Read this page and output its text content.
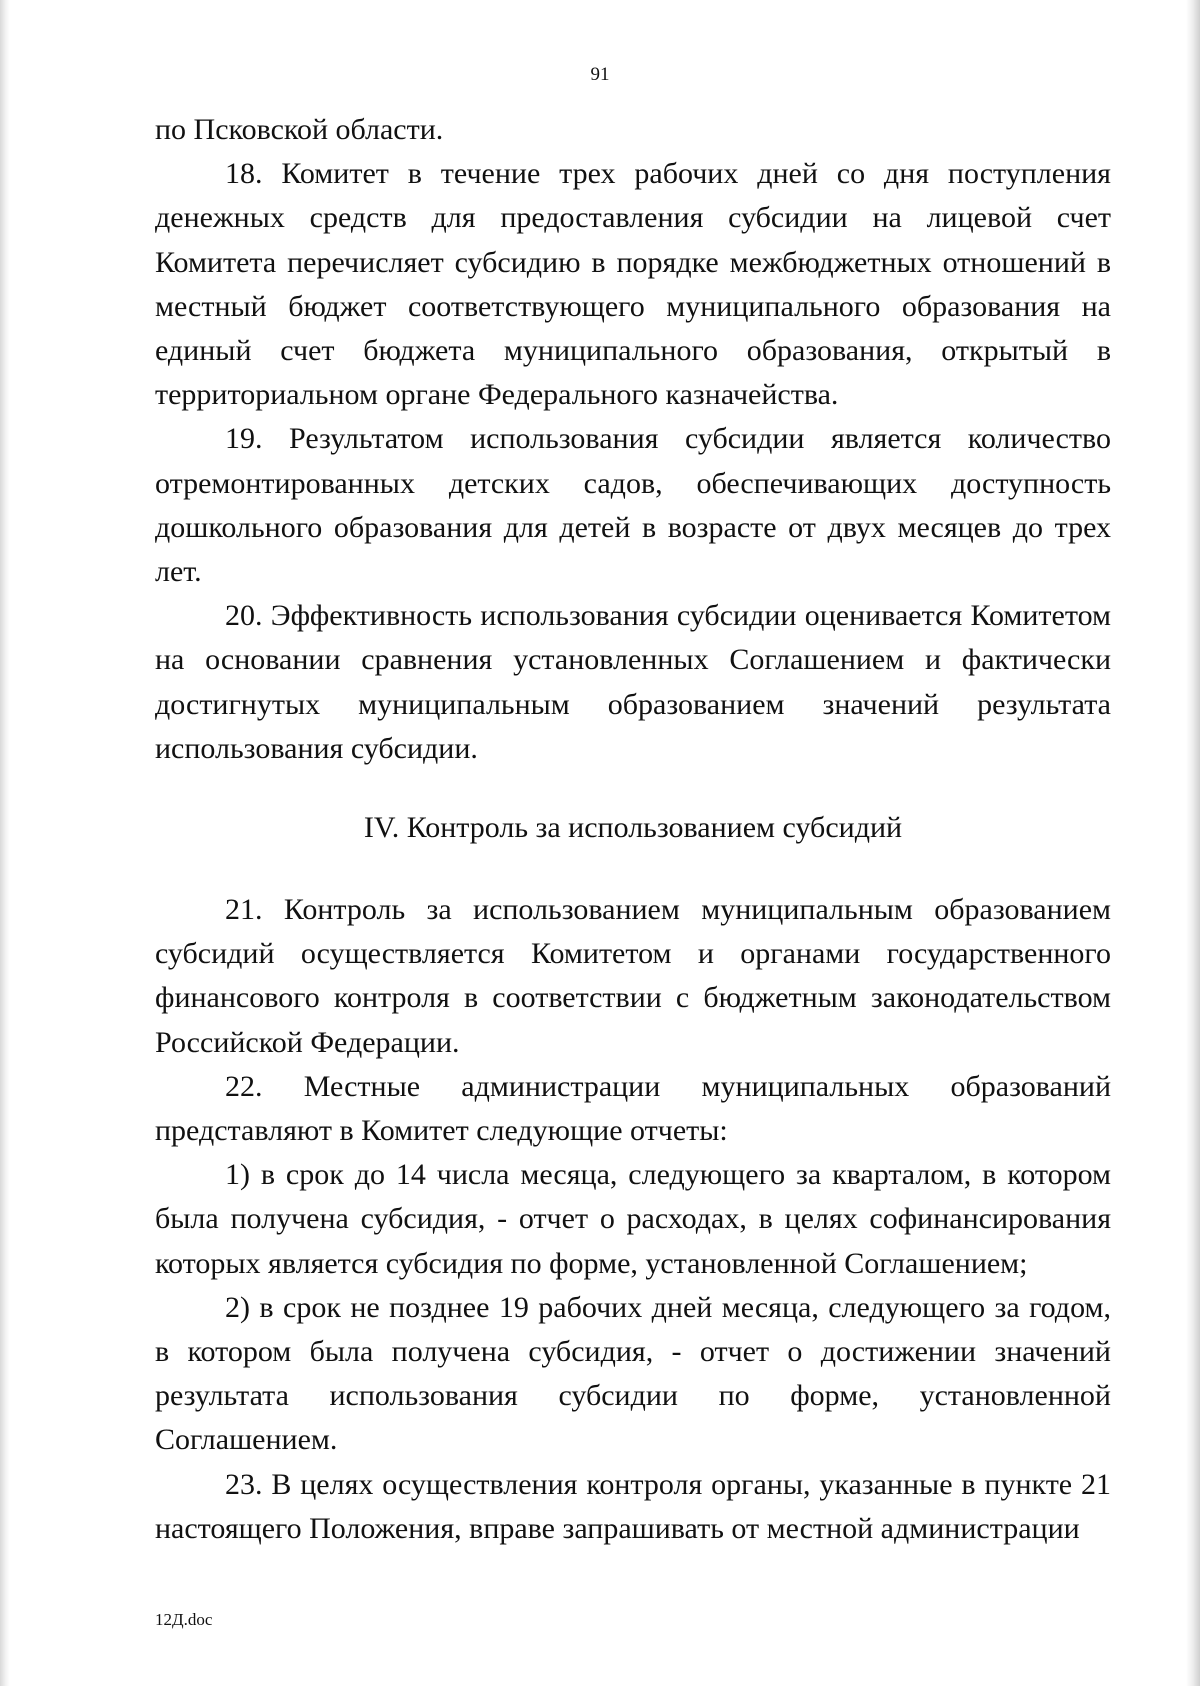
91

по Псковской области.

18. Комитет в течение трех рабочих дней со дня поступления денежных средств для предоставления субсидии на лицевой счет Комитета перечисляет субсидию в порядке межбюджетных отношений в местный бюджет соответствующего муниципального образования на единый счет бюджета муниципального образования, открытый в территориальном органе Федерального казначейства.

19. Результатом использования субсидии является количество отремонтированных детских садов, обеспечивающих доступность дошкольного образования для детей в возрасте от двух месяцев до трех лет.

20. Эффективность использования субсидии оценивается Комитетом на основании сравнения установленных Соглашением и фактически достигнутых муниципальным образованием значений результата использования субсидии.

IV. Контроль за использованием субсидий

21. Контроль за использованием муниципальным образованием субсидий осуществляется Комитетом и органами государственного финансового контроля в соответствии с бюджетным законодательством Российской Федерации.

22. Местные администрации муниципальных образований представляют в Комитет следующие отчеты:

1) в срок до 14 числа месяца, следующего за кварталом, в котором была получена субсидия, - отчет о расходах, в целях софинансирования которых является субсидия по форме, установленной Соглашением;

2) в срок не позднее 19 рабочих дней месяца, следующего за годом, в котором была получена субсидия, - отчет о достижении значений результата использования субсидии по форме, установленной Соглашением.

23. В целях осуществления контроля органы, указанные в пункте 21 настоящего Положения, вправе запрашивать от местной администрации

12Д.doc
